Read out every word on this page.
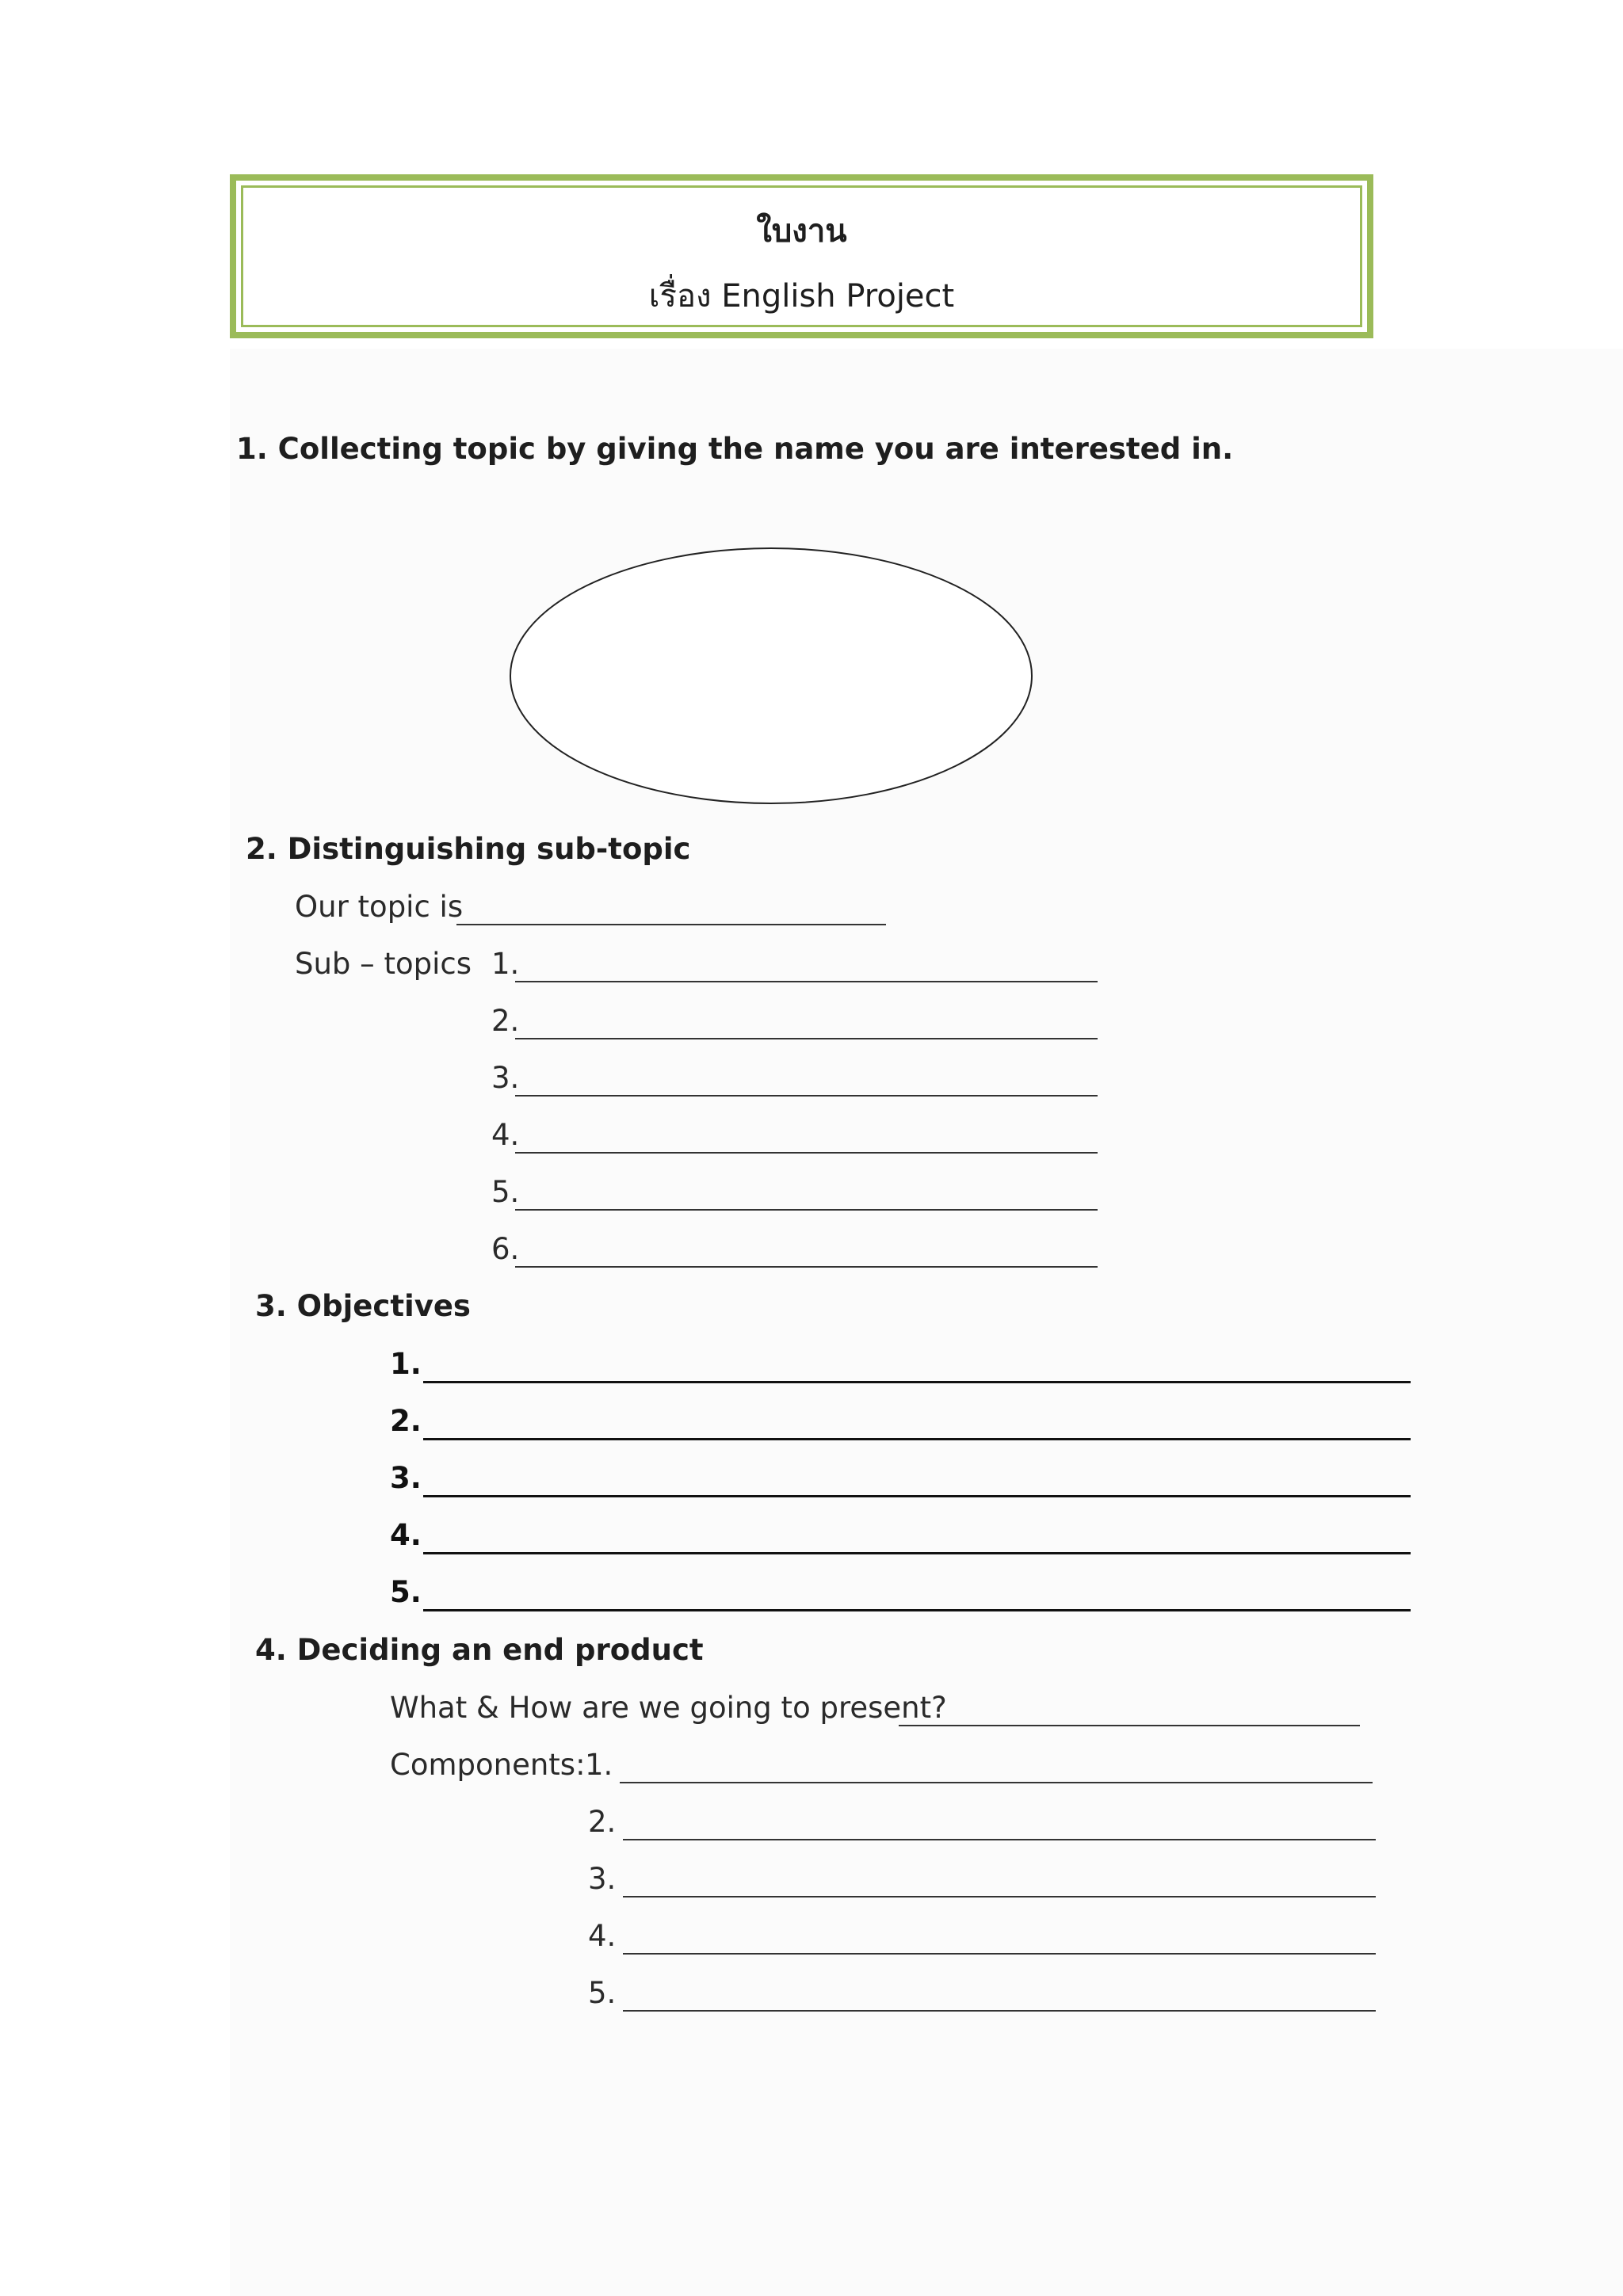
ใบงาน
เรื่อง English Project
1. Collecting topic by giving the name you are interested in.
2. Distinguishing sub-topic
Our topic is
Sub – topics 1.
2.
3.
4.
5.
6.
3. Objectives
1.
2.
3.
4.
5.
4. Deciding an end product
What & How are we going to present?
Components: 1.
2.
3.
4.
5.
